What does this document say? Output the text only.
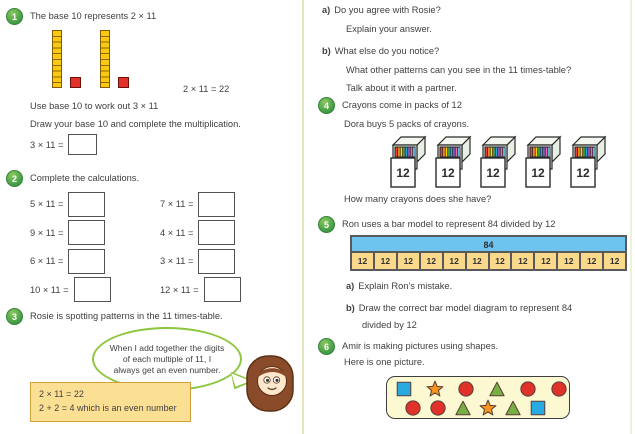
1	The base 10 represents 2 × 11
2 × 11 = 22
Use base 10 to work out 3 × 11
Draw your base 10 and complete the multiplication.
3 × 11 =
2	Complete the calculations.
5 × 11 =	7 × 11 =
9 × 11 =	4 × 11 =
6 × 11 =	3 × 11 =
10 × 11 =	12 × 11 =
3	Rosie is spotting patterns in the 11 times-table.
When I add together the digits of each multiple of 11, I always get an even number.
2 × 11 = 22
2 + 2 = 4 which is an even number
a) Do you agree with Rosie?
Explain your answer.
b) What else do you notice?
What other patterns can you see in the 11 times-table?
Talk about it with a partner.
4	Crayons come in packs of 12
Dora buys 5 packs of crayons.
12	12	12	12	12
How many crayons does she have?
5	Ron uses a bar model to represent 84 divided by 12
84
12	12	12	12	12	12	12	12	12	12	12	12
a) Explain Ron’s mistake.
b) Draw the correct bar model diagram to represent 84
divided by 12
6	Amir is making pictures using shapes.
Here is one picture.
